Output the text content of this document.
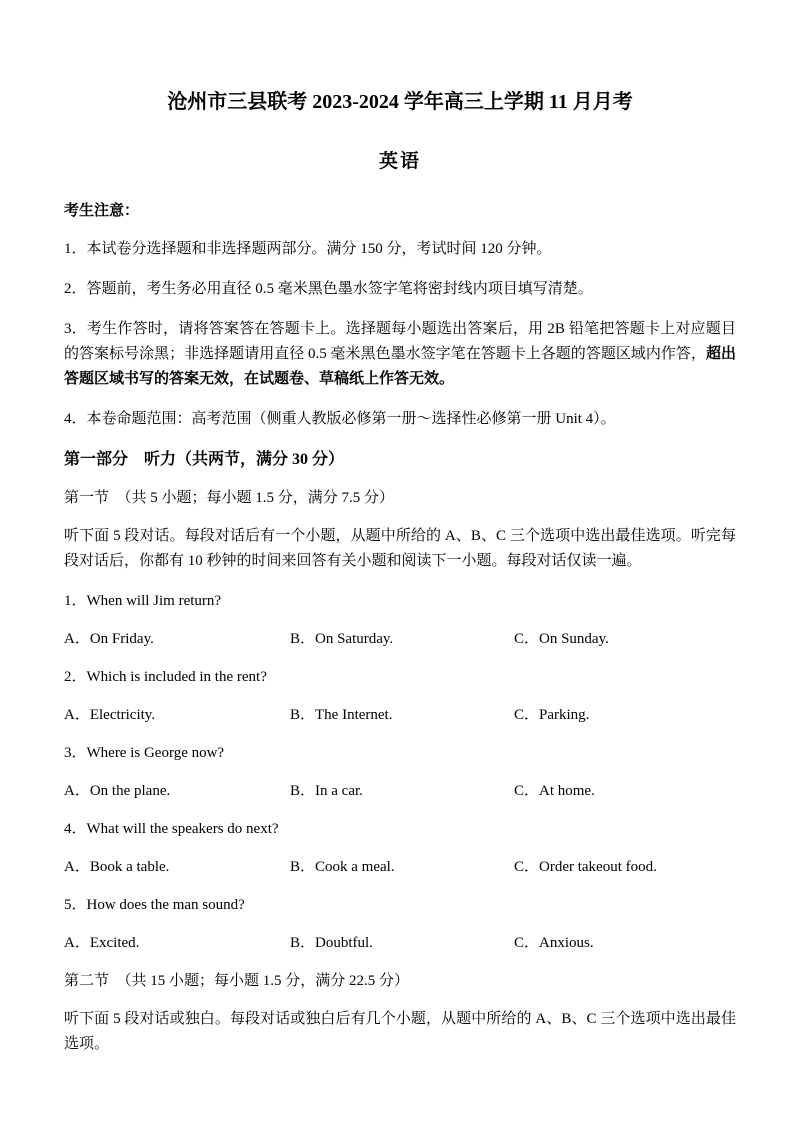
沧州市三县联考 2023-2024 学年高三上学期 11 月月考
英语
考生注意：

1．本试卷分选择题和非选择题两部分。满分 150 分，考试时间 120 分钟。

2．答题前，考生务必用直径 0.5 毫米黑色墨水签字笔将密封线内项目填写清楚。

3．考生作答时，请将答案答在答题卡上。选择题每小题选出答案后，用 2B 铅笔把答题卡上对应题目的答案标号涂黑；非选择题请用直径 0.5 毫米黑色墨水签字笔在答题卡上各题的答题区域内作答，超出答题区域书写的答案无效，在试题卷、草稿纸上作答无效。

4．本卷命题范围：高考范围（侧重人教版必修第一册～选择性必修第一册 Unit 4）。

第一部分　听力（共两节，满分 30 分）
第一节　（共 5 小题；每小题 1.5 分，满分 7.5 分）

听下面 5 段对话。每段对话后有一个小题，从题中所给的 A、B、C 三个选项中选出最佳选项。听完每段对话后，你都有 10 秒钟的时间来回答有关小题和阅读下一小题。每段对话仅读一遍。

1．When will Jim return?
A．On Friday.	B．On Saturday.	C．On Sunday.
2．Which is included in the rent?
A．Electricity.	B．The Internet.	C．Parking.
3．Where is George now?
A．On the plane.	B．In a car.	C．At home.
4．What will the speakers do next?
A．Book a table.	B．Cook a meal.	C．Order takeout food.
5．How does the man sound?
A．Excited.	B．Doubtful.	C．Anxious.
第二节　（共 15 小题；每小题 1.5 分，满分 22.5 分）

听下面 5 段对话或独白。每段对话或独白后有几个小题，从题中所给的 A、B、C 三个选项中选出最佳选项。
